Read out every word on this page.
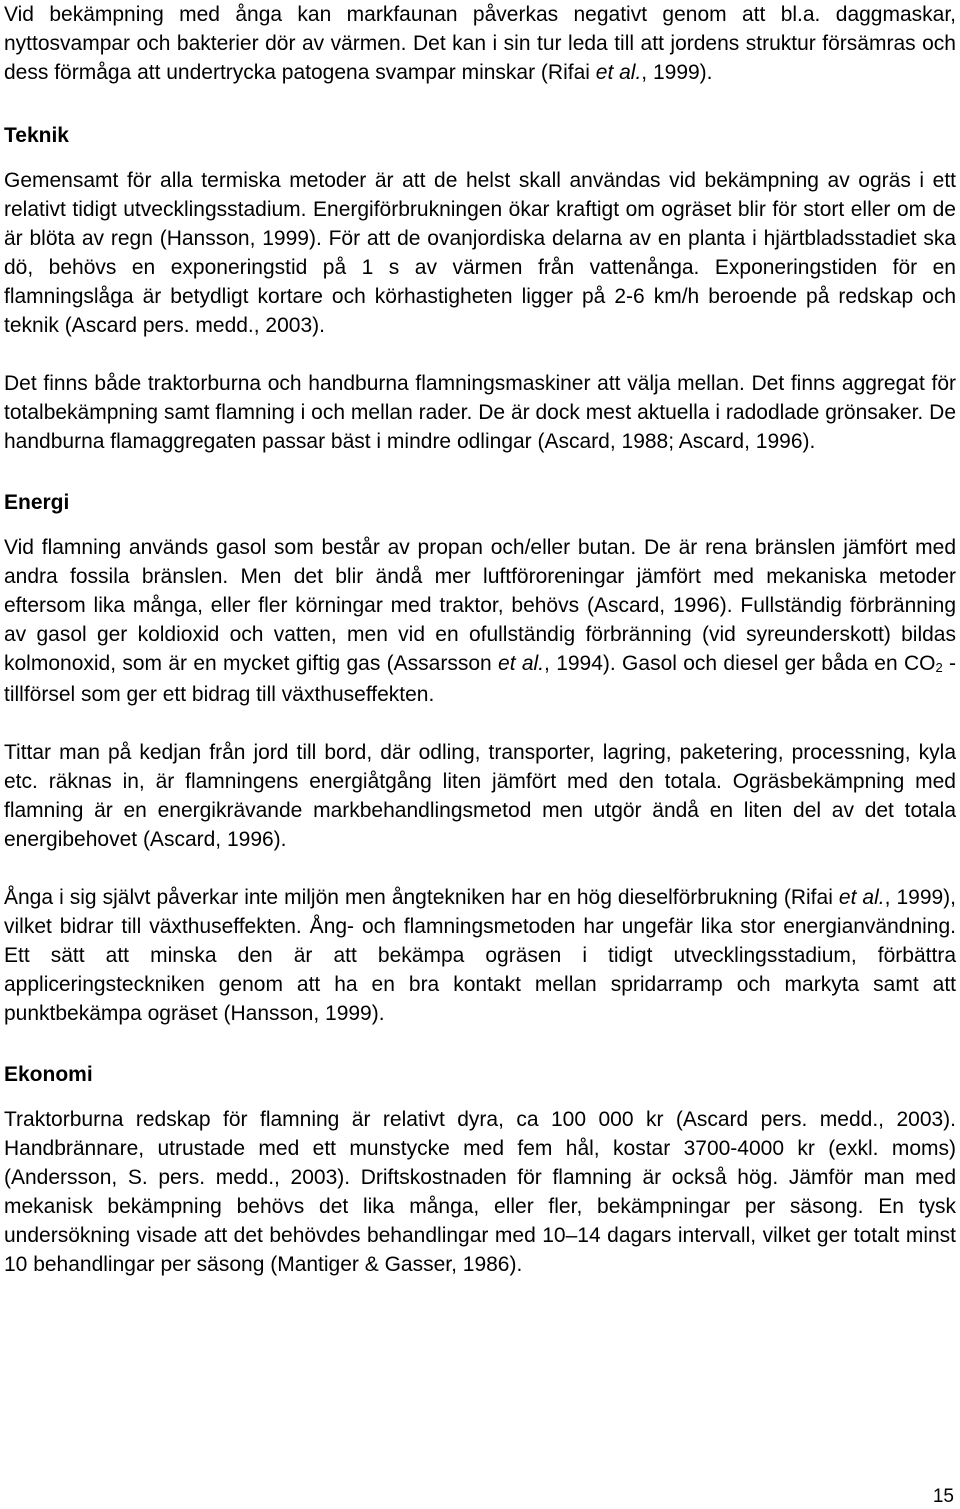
Vid bekämpning med ånga kan markfaunan påverkas negativt genom att bl.a. daggmaskar, nyttosvampar och bakterier dör av värmen. Det kan i sin tur leda till att jordens struktur försämras och dess förmåga att undertrycka patogena svampar minskar (Rifai et al., 1999).

Teknik

Gemensamt för alla termiska metoder är att de helst skall användas vid bekämpning av ogräs i ett relativt tidigt utvecklingsstadium. Energiförbrukningen ökar kraftigt om ogräset blir för stort eller om de är blöta av regn (Hansson, 1999). För att de ovanjordiska delarna av en planta i hjärtbladsstadiet ska dö, behövs en exponeringstid på 1 s av värmen från vattenånga. Exponeringstiden för en flamningslåga är betydligt kortare och körhastigheten ligger på 2-6 km/h beroende på redskap och teknik (Ascard pers. medd., 2003).

Det finns både traktorburna och handburna flamningsmaskiner att välja mellan. Det finns aggregat för totalbekämpning samt flamning i och mellan rader. De är dock mest aktuella i radodlade grönsaker. De handburna flamaggregaten passar bäst i mindre odlingar (Ascard, 1988; Ascard, 1996).

Energi

Vid flamning används gasol som består av propan och/eller butan. De är rena bränslen jämfört med andra fossila bränslen. Men det blir ändå mer luftföroreningar jämfört med mekaniska metoder eftersom lika många, eller fler körningar med traktor, behövs (Ascard, 1996). Fullständig förbränning av gasol ger koldioxid och vatten, men vid en ofullständig förbränning (vid syreunderskott) bildas kolmonoxid, som är en mycket giftig gas (Assarsson et al., 1994). Gasol och diesel ger båda en $CO_2$ -tillförsel som ger ett bidrag till växthuseffekten.

Tittar man på kedjan från jord till bord, där odling, transporter, lagring, paketering, processning, kyla etc. räknas in, är flamningens energiåtgång liten jämfört med den totala. Ogräsbekämpning med flamning är en energikrävande markbehandlingsmetod men utgör ändå en liten del av det totala energibehovet (Ascard, 1996).

Ånga i sig självt påverkar inte miljön men ångtekniken har en hög dieselförbrukning (Rifai et al., 1999), vilket bidrar till växthuseffekten. Ång- och flamningsmetoden har ungefär lika stor energianvändning. Ett sätt att minska den är att bekämpa ogräsen i tidigt utvecklingsstadium, förbättra appliceringsteckniken genom att ha en bra kontakt mellan spridarramp och markyta samt att punktbekämpa ogräset (Hansson, 1999).

Ekonomi

Traktorburna redskap för flamning är relativt dyra, ca 100 000 kr (Ascard pers. medd., 2003). Handbrännare, utrustade med ett munstycke med fem hål, kostar 3700-4000 kr (exkl. moms) (Andersson, S. pers. medd., 2003). Driftskostnaden för flamning är också hög. Jämför man med mekanisk bekämpning behövs det lika många, eller fler, bekämpningar per säsong. En tysk undersökning visade att det behövdes behandlingar med 10–14 dagars intervall, vilket ger totalt minst 10 behandlingar per säsong (Mantiger & Gasser, 1986).

15
